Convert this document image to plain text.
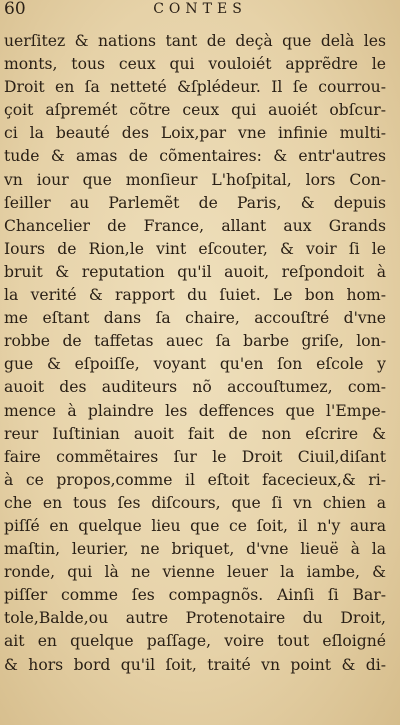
60	CONTES
uerſitez & nations tant de deçà que delà les
monts, tous ceux qui vouloiét apprẽdre le
Droit en ſa netteté &ſplédeur. Il ſe courrou-
çoit aſpremét cõtre ceux qui auoiét obſcur-
ci la beauté des Loix,par vne infinie multi-
tude & amas de cõmentaires: & entr'autres
vn iour que monſieur L'hoſpital, lors Con-
ſeiller au Parlemẽt de Paris, & depuis
Chancelier de France, allant aux Grands
Iours de Rion,le vint eſcouter, & voir ſi le
bruit & reputation qu'il auoit, reſpondoit à
la verité & rapport du ſuiet. Le bon hom-
me eſtant dans ſa chaire, accouſtré d'vne
robbe de taffetas auec ſa barbe griſe, lon-
gue & eſpoiſſe, voyant qu'en ſon eſcole y
auoit des auditeurs nõ accouſtumez, com-
mence à plaindre les deffences que l'Empe-
reur Iuſtinian auoit fait de non eſcrire &
faire commẽtaires ſur le Droit Ciuil,diſant
à ce propos,comme il eſtoit facecieux,& ri-
che en tous ſes diſcours, que ſi vn chien a
piſſé en quelque lieu que ce ſoit, il n'y aura
maſtin, leurier, ne briquet, d'vne lieuë à la
ronde, qui là ne vienne leuer la iambe, &
piſſer comme ſes compagnõs. Ainſi ſi Bar-
tole,Balde,ou autre Protenotaire du Droit,
ait en quelque paſſage, voire tout eſloigné
& hors bord qu'il ſoit, traité vn point & di-
